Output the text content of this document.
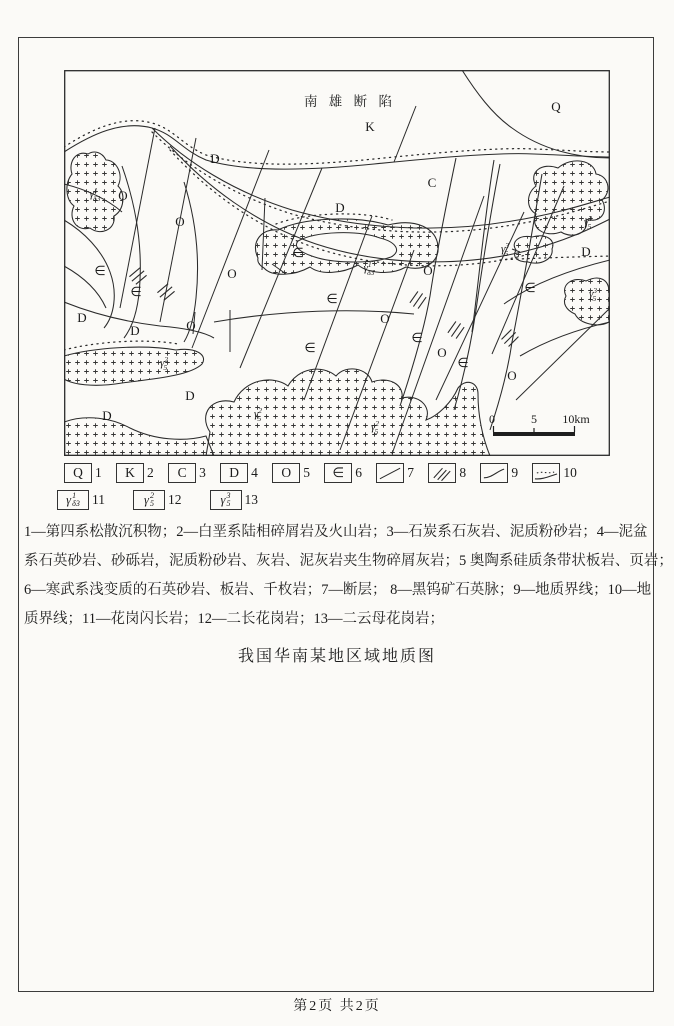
南 雄 断 陷
K
Q
D
C
D
O
O
$\gamma^1$ δ3
∈
$\gamma^1$ δ3
O	O
∈
O
∈
∈
∈
∈
D
D	O
$\gamma^2$ 5
D
D	$\gamma^2$ 5
$\gamma^2$ 5
∈
O
O
$\gamma^3$ 5
$\gamma^3$ 5	D
∈	$\gamma^3$ 5
0	5 10km
Q 1	K 2	C 3	D 4	O 5	∈ 6	7	8	9	10
γ 1
δ3 11	γ 2
5 12	γ 3
5 13
1—第四系松散沉积物；2—白垩系陆相碎屑岩及火山岩；3—石炭系石灰岩、泥质粉砂岩；4—泥盆
系石英砂岩、砂砾岩，泥质粉砂岩、灰岩、泥灰岩夹生物碎屑灰岩；5 奥陶系硅质条带状板岩、页岩；
6—寒武系浅变质的石英砂岩、板岩、千枚岩；7—断层； 8—黑钨矿石英脉；9—地质界线；10—地
质界线；11—花岗闪长岩；12—二长花岗岩；13—二云母花岗岩；
我国华南某地区域地质图
第2页 共2页
